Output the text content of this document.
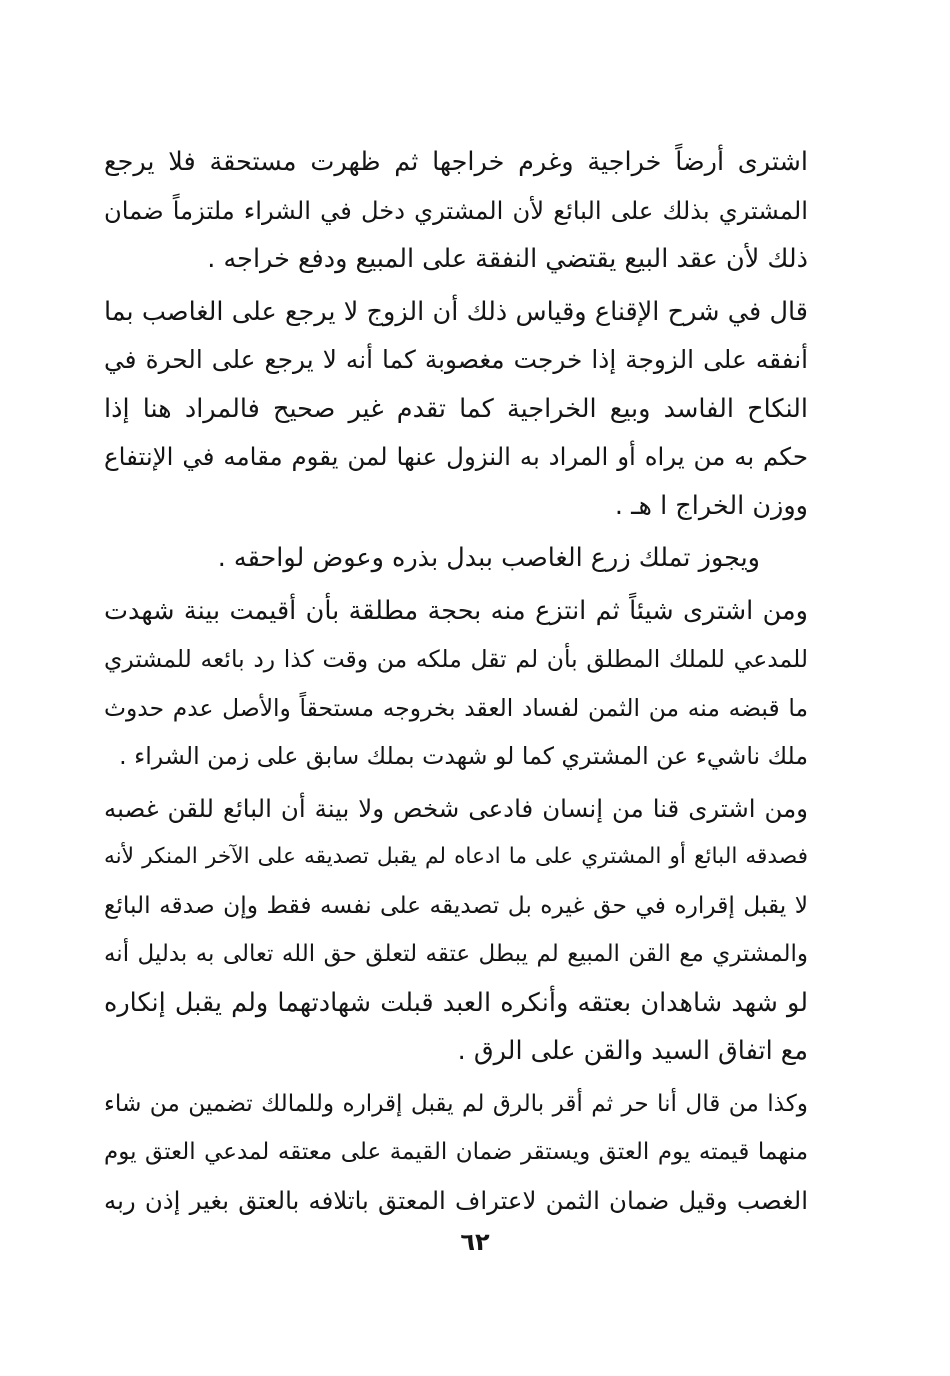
اشترى أرضاً خراجية وغرم خراجها ثم ظهرت مستحقة فلا يرجع
المشتري بذلك على البائع لأن المشتري دخل في الشراء ملتزماً ضمان
ذلك لأن عقد البيع يقتضي النفقة على المبيع ودفع خراجه .
قال في شرح الإقناع وقياس ذلك أن الزوج لا يرجع على الغاصب بما
أنفقه على الزوجة إذا خرجت مغصوبة كما أنه لا يرجع على الحرة في
النكاح الفاسد وبيع الخراجية كما تقدم غير صحيح فالمراد هنا إذا
حكم به من يراه أو المراد به النزول عنها لمن يقوم مقامه في الإنتفاع
ووزن الخراج ا هـ .
ويجوز تملك زرع الغاصب ببدل بذره وعوض لواحقه .
ومن اشترى شيئاً ثم انتزع منه بحجة مطلقة بأن أقيمت بينة شهدت
للمدعي للملك المطلق بأن لم تقل ملكه من وقت كذا رد بائعه للمشتري
ما قبضه منه من الثمن لفساد العقد بخروجه مستحقاً والأصل عدم حدوث
ملك ناشيء عن المشتري كما لو شهدت بملك سابق على زمن الشراء .
ومن اشترى قنا من إنسان فادعى شخص ولا بينة أن البائع للقن غصبه
فصدقه البائع أو المشتري على ما ادعاه لم يقبل تصديقه على الآخر المنكر لأنه
لا يقبل إقراره في حق غيره بل تصديقه على نفسه فقط وإن صدقه البائع
والمشتري مع القن المبيع لم يبطل عتقه لتعلق حق الله تعالى به بدليل أنه
لو شهد شاهدان بعتقه وأنكره العبد قبلت شهادتهما ولم يقبل إنكاره
مع اتفاق السيد والقن على الرق .
وكذا من قال أنا حر ثم أقر بالرق لم يقبل إقراره وللمالك تضمين من شاء
منهما قيمته يوم العتق ويستقر ضمان القيمة على معتقه لمدعي العتق يوم
الغصب وقيل ضمان الثمن لاعتراف المعتق باتلافه بالعتق بغير إذن ربه
٦٢
